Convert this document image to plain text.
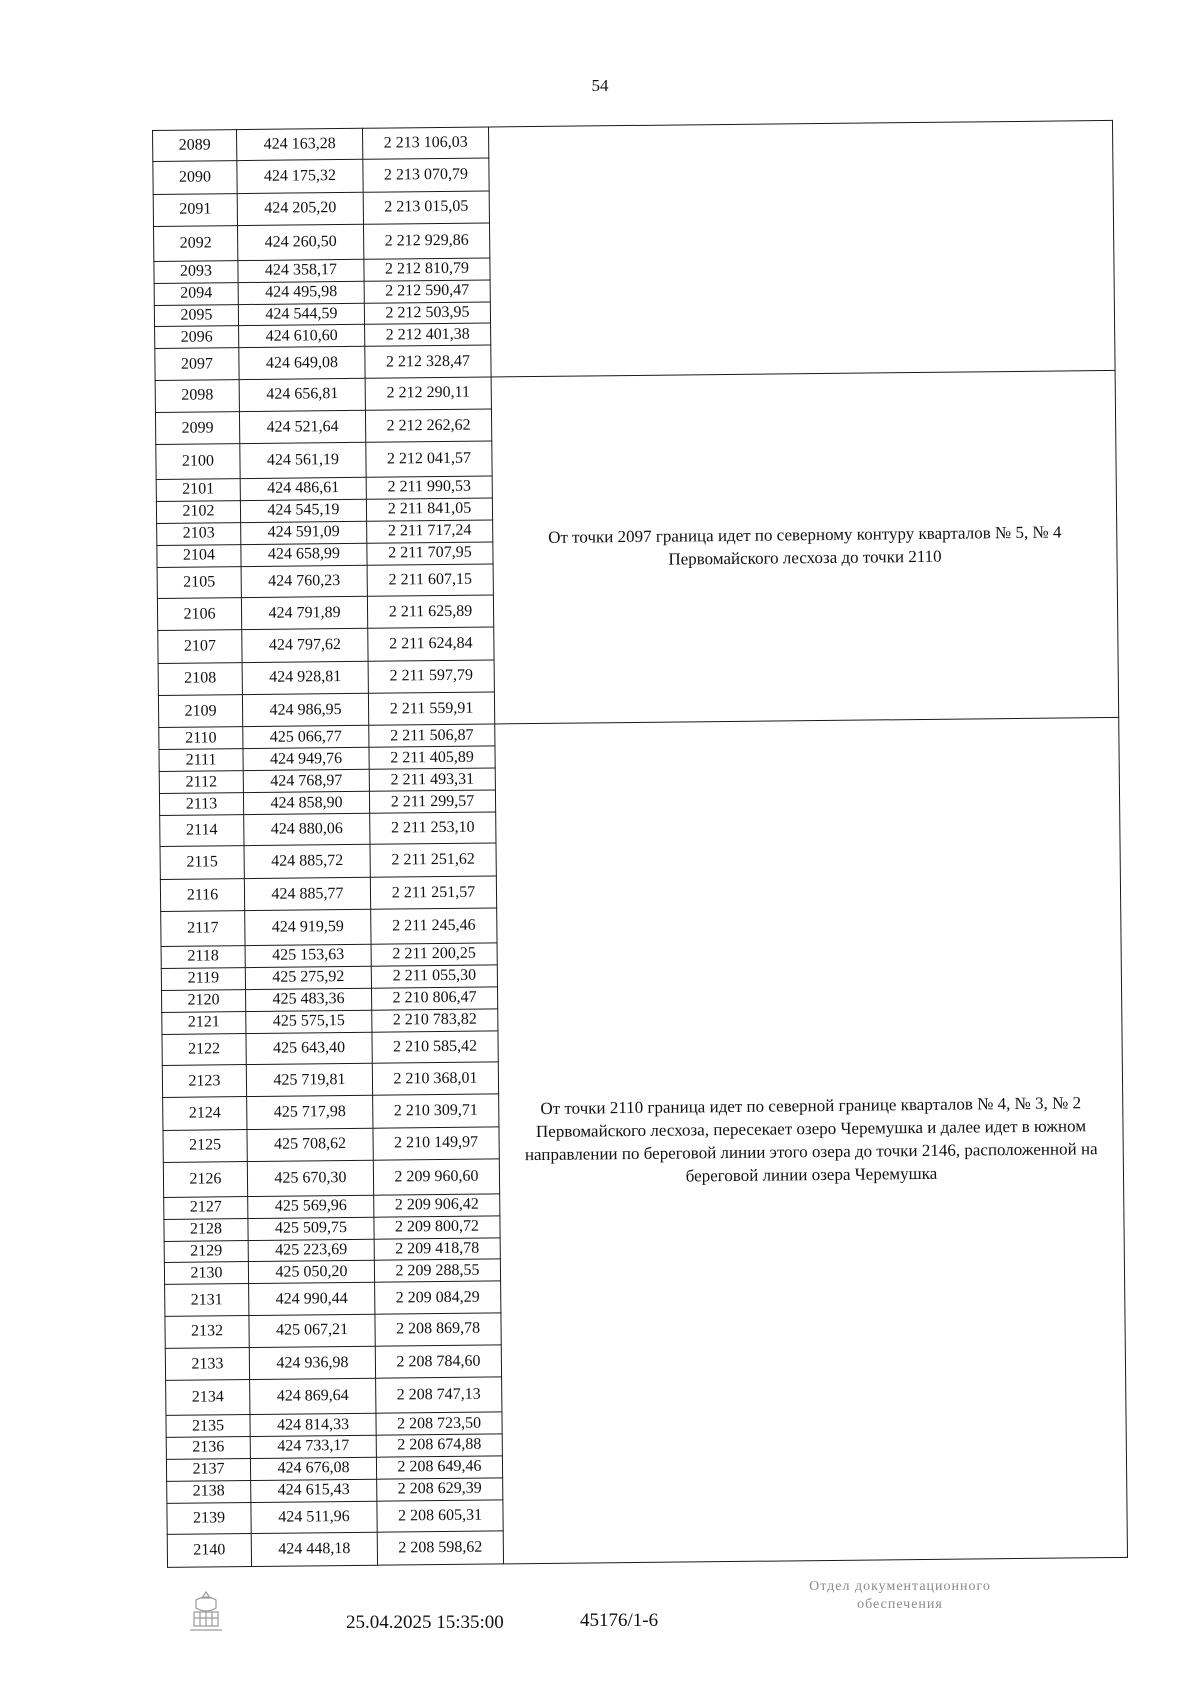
54
2089	424 163,28	2 213 106,03	
2090	424 175,32	2 213 070,79	
2091	424 205,20	2 213 015,05	
2092	424 260,50	2 212 929,86	
2093	424 358,17	2 212 810,79	
2094	424 495,98	2 212 590,47	
2095	424 544,59	2 212 503,95	
2096	424 610,60	2 212 401,38	
2097	424 649,08	2 212 328,47	
2098	424 656,81	2 212 290,11	От точки 2097 граница идет по северному контуру кварталов № 5, № 4 Первомайского лесхоза до точки 2110
2099	424 521,64	2 212 262,62	
2100	424 561,19	2 212 041,57	
2101	424 486,61	2 211 990,53	
2102	424 545,19	2 211 841,05	
2103	424 591,09	2 211 717,24	
2104	424 658,99	2 211 707,95	
2105	424 760,23	2 211 607,15	
2106	424 791,89	2 211 625,89	
2107	424 797,62	2 211 624,84	
2108	424 928,81	2 211 597,79	
2109	424 986,95	2 211 559,91	
2110	425 066,77	2 211 506,87	От точки 2110 граница идет по северной границе кварталов № 4, № 3, № 2 Первомайского лесхоза, пересекает озеро Черемушка и далее идет в южном направлении по береговой линии этого озера до точки 2146, расположенной на береговой линии озера Черемушка
2111	424 949,76	2 211 405,89	
2112	424 768,97	2 211 493,31	
2113	424 858,90	2 211 299,57	
2114	424 880,06	2 211 253,10	
2115	424 885,72	2 211 251,62	
2116	424 885,77	2 211 251,57	
2117	424 919,59	2 211 245,46	
2118	425 153,63	2 211 200,25	
2119	425 275,92	2 211 055,30	
2120	425 483,36	2 210 806,47	
2121	425 575,15	2 210 783,82	
2122	425 643,40	2 210 585,42	
2123	425 719,81	2 210 368,01	
2124	425 717,98	2 210 309,71	
2125	425 708,62	2 210 149,97	
2126	425 670,30	2 209 960,60	
2127	425 569,96	2 209 906,42	
2128	425 509,75	2 209 800,72	
2129	425 223,69	2 209 418,78	
2130	425 050,20	2 209 288,55	
2131	424 990,44	2 209 084,29	
2132	425 067,21	2 208 869,78	
2133	424 936,98	2 208 784,60	
2134	424 869,64	2 208 747,13	
2135	424 814,33	2 208 723,50	
2136	424 733,17	2 208 674,88	
2137	424 676,08	2 208 649,46	
2138	424 615,43	2 208 629,39	
2139	424 511,96	2 208 605,31	
2140	424 448,18	2 208 598,62	
25.04.2025 15:35:00	45176/1-6
Отдел документационного
обеспечения
